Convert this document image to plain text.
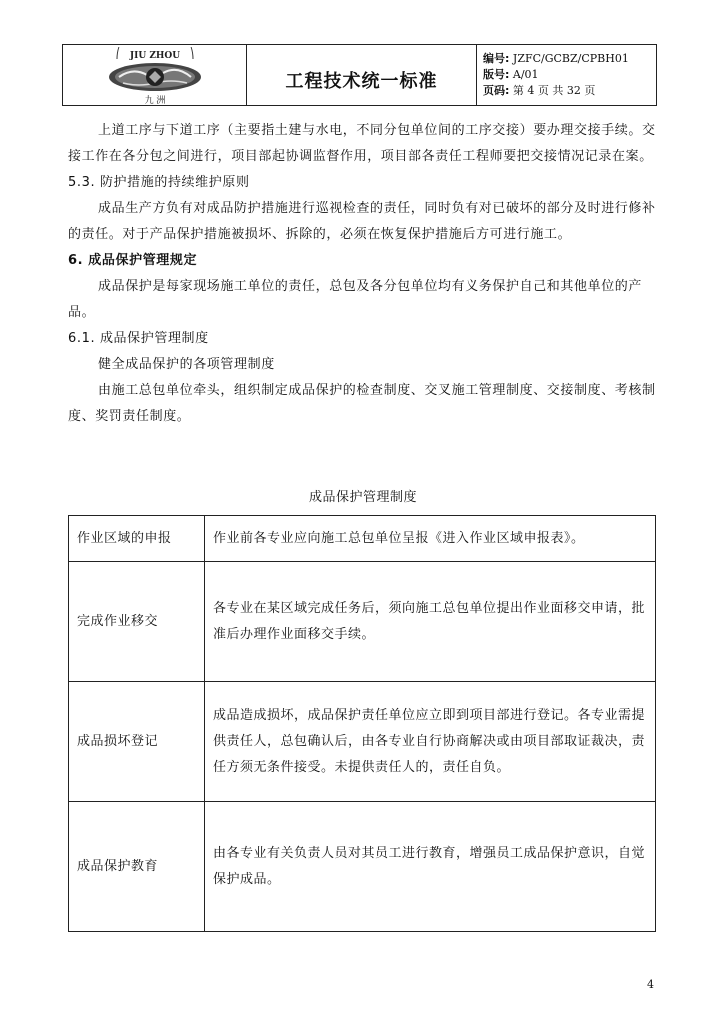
JIU ZHOU
九 洲
工程技术统一标准
编号: JZFC/GCBZ/CPBH01
版号: A/01
页码: 第 4 页 共 32 页

上道工序与下道工序（主要指土建与水电，不同分包单位间的工序交接）要办理交接手续。交接工作在各分包之间进行，项目部起协调监督作用，项目部各责任工程师要把交接情况记录在案。

5.3. 防护措施的持续维护原则

成品生产方负有对成品防护措施进行巡视检查的责任，同时负有对已破坏的部分及时进行修补的责任。对于产品保护措施被损坏、拆除的，必须在恢复保护措施后方可进行施工。

6. 成品保护管理规定

成品保护是每家现场施工单位的责任，总包及各分包单位均有义务保护自己和其他单位的产品。

6.1. 成品保护管理制度

健全成品保护的各项管理制度

由施工总包单位牵头，组织制定成品保护的检查制度、交叉施工管理制度、交接制度、考核制度、奖罚责任制度。

成品保护管理制度
作业区域的申报	作业前各专业应向施工总包单位呈报《进入作业区域申报表》。
完成作业移交	各专业在某区域完成任务后，须向施工总包单位提出作业面移交申请，批准后办理作业面移交手续。
成品损坏登记	成品造成损坏，成品保护责任单位应立即到项目部进行登记。各专业需提供责任人，总包确认后，由各专业自行协商解决或由项目部取证裁决，责任方须无条件接受。未提供责任人的，责任自负。
成品保护教育	由各专业有关负责人员对其员工进行教育，增强员工成品保护意识，自觉保护成品。
4
